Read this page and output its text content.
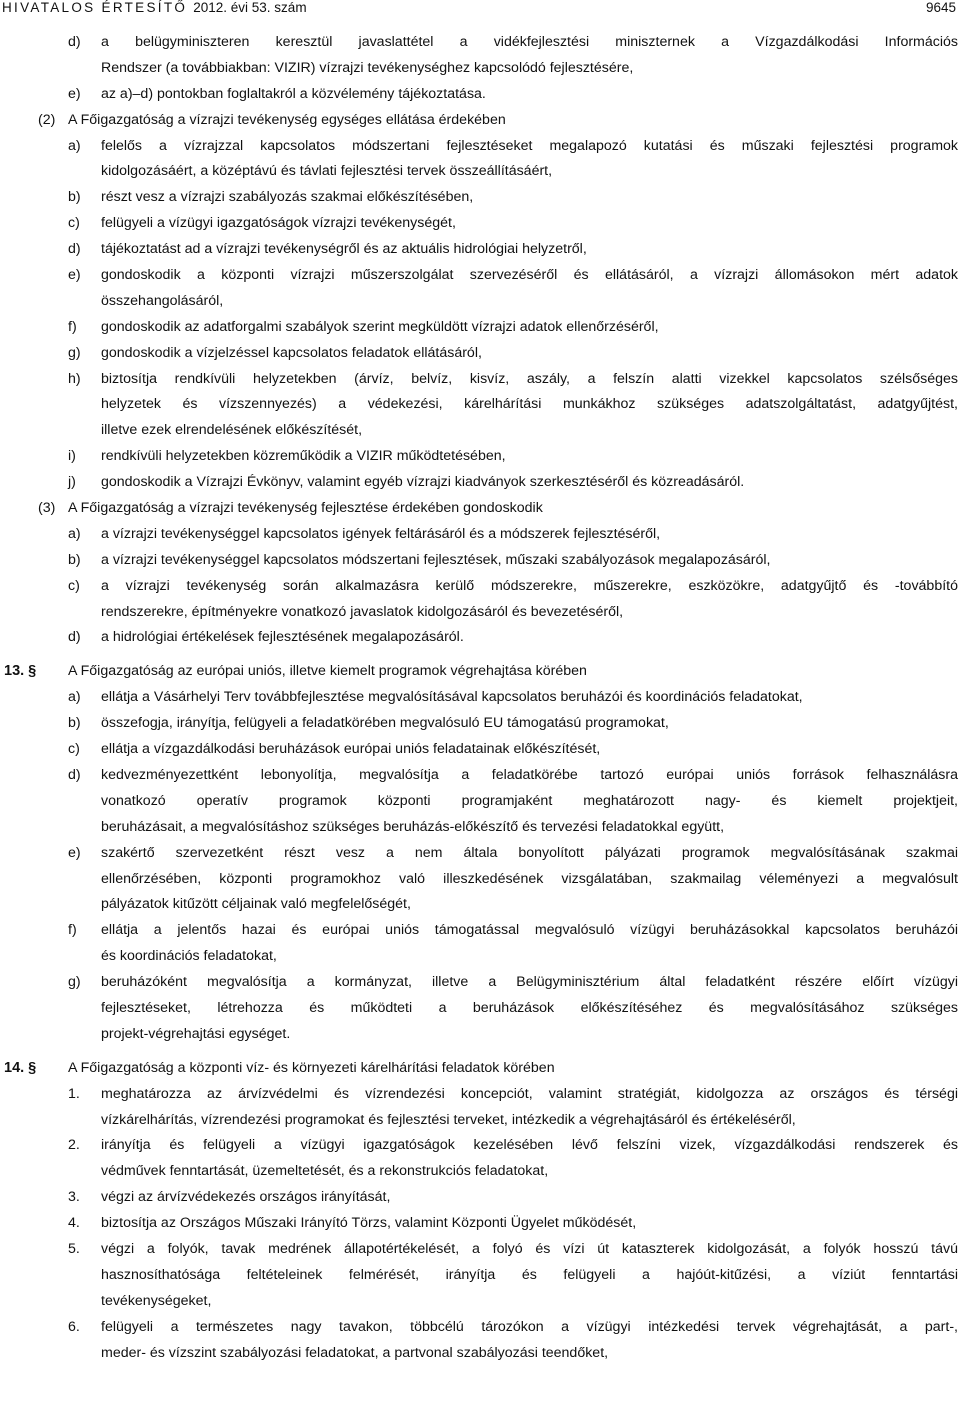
HIVATALOS ÉRTESÍTŐ 2012. évi 53. szám	9645
d) a belügyminiszteren keresztül javaslattétel a vidékfejlesztési miniszternek a Vízgazdálkodási Információs
Rendszer (a továbbiakban: VIZIR) vízrajzi tevékenységhez kapcsolódó fejlesztésére,
e) az a)–d) pontokban foglaltakról a közvélemény tájékoztatása.
(2) A Főigazgatóság a vízrajzi tevékenység egységes ellátása érdekében
a) felelős a vízrajzzal kapcsolatos módszertani fejlesztéseket megalapozó kutatási és műszaki fejlesztési programok
kidolgozásáért, a középtávú és távlati fejlesztési tervek összeállításáért,
b) részt vesz a vízrajzi szabályozás szakmai előkészítésében,
c) felügyeli a vízügyi igazgatóságok vízrajzi tevékenységét,
d) tájékoztatást ad a vízrajzi tevékenységről és az aktuális hidrológiai helyzetről,
e) gondoskodik a központi vízrajzi műszerszolgálat szervezéséről és ellátásáról, a vízrajzi állomásokon mért adatok
összehangolásáról,
f) gondoskodik az adatforgalmi szabályok szerint megküldött vízrajzi adatok ellenőrzéséről,
g) gondoskodik a vízjelzéssel kapcsolatos feladatok ellátásáról,
h) biztosítja rendkívüli helyzetekben (árvíz, belvíz, kisvíz, aszály, a felszín alatti vizekkel kapcsolatos szélsőséges
helyzetek és vízszennyezés) a védekezési, kárelhárítási munkákhoz szükséges adatszolgáltatást, adatgyűjtést,
illetve ezek elrendelésének előkészítését,
i) rendkívüli helyzetekben közreműködik a VIZIR működtetésében,
j) gondoskodik a Vízrajzi Évkönyv, valamint egyéb vízrajzi kiadványok szerkesztéséről és közreadásáról.
(3) A Főigazgatóság a vízrajzi tevékenység fejlesztése érdekében gondoskodik
a) a vízrajzi tevékenységgel kapcsolatos igények feltárásáról és a módszerek fejlesztéséről,
b) a vízrajzi tevékenységgel kapcsolatos módszertani fejlesztések, műszaki szabályozások megalapozásáról,
c) a vízrajzi tevékenység során alkalmazásra kerülő módszerekre, műszerekre, eszközökre, adatgyűjtő és -továbbító
rendszerekre, építményekre vonatkozó javaslatok kidolgozásáról és bevezetéséről,
d) a hidrológiai értékelések fejlesztésének megalapozásáról.
13. § A Főigazgatóság az európai uniós, illetve kiemelt programok végrehajtása körében
a) ellátja a Vásárhelyi Terv továbbfejlesztése megvalósításával kapcsolatos beruházói és koordinációs feladatokat,
b) összefogja, irányítja, felügyeli a feladatkörében megvalósuló EU támogatású programokat,
c) ellátja a vízgazdálkodási beruházások európai uniós feladatainak előkészítését,
d) kedvezményezettként lebonyolítja, megvalósítja a feladatkörébe tartozó európai uniós források felhasználásra
vonatkozó operatív programok központi programjaként meghatározott nagy- és kiemelt projektjeit,
beruházásait, a megvalósításhoz szükséges beruházás-előkészítő és tervezési feladatokkal együtt,
e) szakértő szervezetként részt vesz a nem általa bonyolított pályázati programok megvalósításának szakmai
ellenőrzésében, központi programokhoz való illeszkedésének vizsgálatában, szakmailag véleményezi a megvalósult
pályázatok kitűzött céljainak való megfelelőségét,
f) ellátja a jelentős hazai és európai uniós támogatással megvalósuló vízügyi beruházásokkal kapcsolatos beruházói
és koordinációs feladatokat,
g) beruházóként megvalósítja a kormányzat, illetve a Belügyminisztérium által feladatként részére előírt vízügyi
fejlesztéseket, létrehozza és működteti a beruházások előkészítéséhez és megvalósításához szükséges
projekt-végrehajtási egységet.
14. § A Főigazgatóság a központi víz- és környezeti kárelhárítási feladatok körében
1. meghatározza az árvízvédelmi és vízrendezési koncepciót, valamint stratégiát, kidolgozza az országos és térségi
vízkárelhárítás, vízrendezési programokat és fejlesztési terveket, intézkedik a végrehajtásáról és értékeléséről,
2. irányítja és felügyeli a vízügyi igazgatóságok kezelésében lévő felszíni vizek, vízgazdálkodási rendszerek és
védművek fenntartását, üzemeltetését, és a rekonstrukciós feladatokat,
3. végzi az árvízvédekezés országos irányítását,
4. biztosítja az Országos Műszaki Irányító Törzs, valamint Központi Ügyelet működését,
5. végzi a folyók, tavak medrének állapotértékelését, a folyó és vízi út kataszterek kidolgozását, a folyók hosszú távú
hasznosíthatósága feltételeinek felmérését, irányítja és felügyeli a hajóút-kitűzési, a víziút fenntartási
tevékenységeket,
6. felügyeli a természetes nagy tavakon, többcélú tározókon a vízügyi intézkedési tervek végrehajtását, a part-,
meder- és vízszint szabályozási feladatokat, a partvonal szabályozási teendőket,
